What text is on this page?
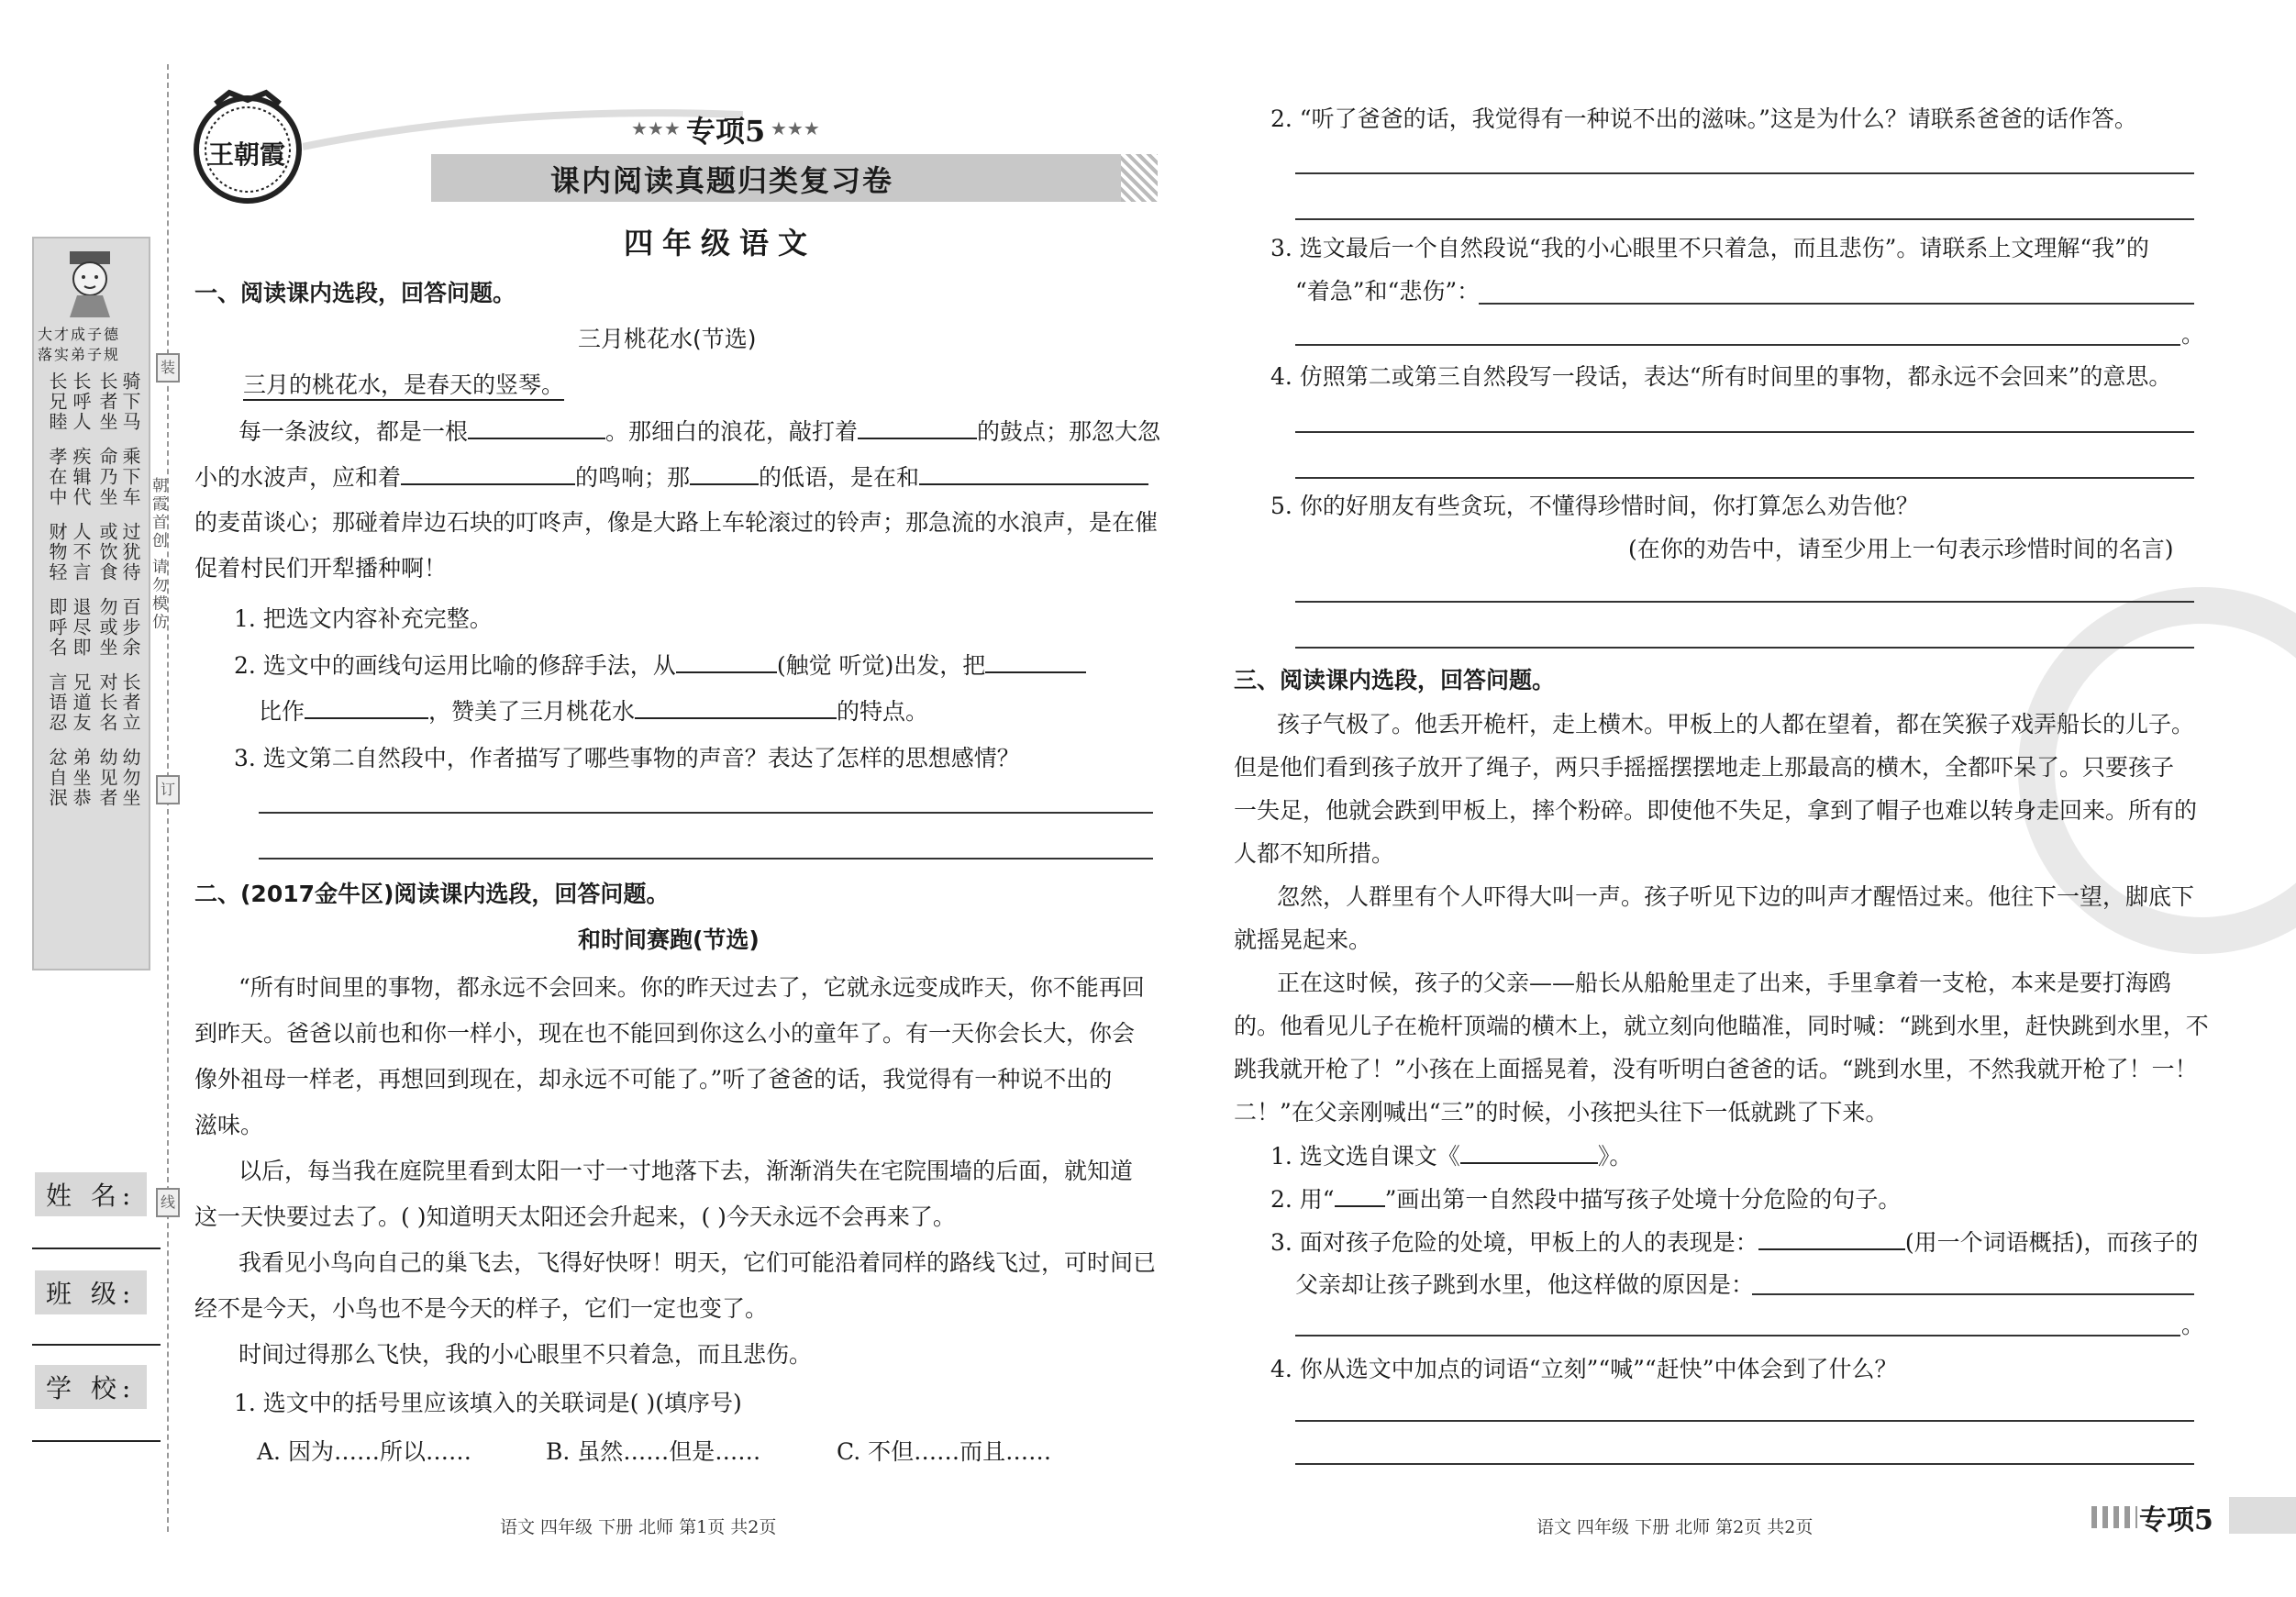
大才成子德
落实弟子规
骑下马
长者坐
长呼人
长兄睦
乘下车
命乃坐
疾辑代
孝在中
过犹待
或饮食
人不言
财物轻
百步余
勿或坐
退尽即
即呼名
长者立
对长名
兄道友
言语忍
幼勿坐
幼见者
弟坐恭
忿自泯
朝霞首创 请勿模仿
装
订
线
姓 名:
班 级:
学 校:
王朝霞
★★★ 专项5 ★★★
课内阅读真题归类复习卷
四年级语文
一、阅读课内选段，回答问题。
三月桃花水(节选)
三月的桃花水，是春天的竖琴。
每一条波纹，都是一根	。那细白的浪花，敲打着	的鼓点；那忽大忽
小的水波声，应和着	的鸣响；那	的低语，是在和
的麦苗谈心；那碰着岸边石块的叮咚声，像是大路上车轮滚过的铃声；那急流的水浪声，是在催
促着村民们开犁播种啊！
1. 把选文内容补充完整。
2. 选文中的画线句运用比喻的修辞手法，从	(触觉 听觉)出发，把
比作	，赞美了三月桃花水	的特点。
3. 选文第二自然段中，作者描写了哪些事物的声音？表达了怎样的思想感情？
二、(2017金牛区)阅读课内选段，回答问题。
和时间赛跑(节选)
“所有时间里的事物，都永远不会回来。你的昨天过去了，它就永远变成昨天，你不能再回
到昨天。爸爸以前也和你一样小，现在也不能回到你这么小的童年了。有一天你会长大，你会
像外祖母一样老，再想回到现在，却永远不可能了。”听了爸爸的话，我觉得有一种说不出的
滋味。
以后，每当我在庭院里看到太阳一寸一寸地落下去，渐渐消失在宅院围墙的后面，就知道
这一天快要过去了。( )知道明天太阳还会升起来，( )今天永远不会再来了。
我看见小鸟向自己的巢飞去，飞得好快呀！明天，它们可能沿着同样的路线飞过，可时间已
经不是今天，小鸟也不是今天的样子，它们一定也变了。
时间过得那么飞快，我的小心眼里不只着急，而且悲伤。
1. 选文中的括号里应该填入的关联词是( )(填序号)
A. 因为……所以……	B. 虽然……但是……	C. 不但……而且……
语文 四年级 下册 北师 第1页 共2页
2. “听了爸爸的话，我觉得有一种说不出的滋味。”这是为什么？请联系爸爸的话作答。
3. 选文最后一个自然段说“我的小心眼里不只着急，而且悲伤”。请联系上文理解“我”的
“着急”和“悲伤”：
。
4. 仿照第二或第三自然段写一段话，表达“所有时间里的事物，都永远不会回来”的意思。
5. 你的好朋友有些贪玩，不懂得珍惜时间，你打算怎么劝告他？
(在你的劝告中，请至少用上一句表示珍惜时间的名言)
三、阅读课内选段，回答问题。
孩子气极了。他丢开桅杆，走上横木。甲板上的人都在望着，都在笑猴子戏弄船长的儿子。
但是他们看到孩子放开了绳子，两只手摇摇摆摆地走上那最高的横木，全都吓呆了。只要孩子
一失足，他就会跌到甲板上，摔个粉碎。即使他不失足，拿到了帽子也难以转身走回来。所有的
人都不知所措。
忽然，人群里有个人吓得大叫一声。孩子听见下边的叫声才醒悟过来。他往下一望，脚底下
就摇晃起来。
正在这时候，孩子的父亲——船长从船舱里走了出来，手里拿着一支枪，本来是要打海鸥
的。他看见儿子在桅杆顶端的横木上，就立刻向他瞄准，同时喊：“跳到水里，赶快跳到水里，不
跳我就开枪了！”小孩在上面摇晃着，没有听明白爸爸的话。“跳到水里，不然我就开枪了！一！
二！”在父亲刚喊出“三”的时候，小孩把头往下一低就跳了下来。
1. 选文选自课文《	》。
2. 用“ ”画出第一自然段中描写孩子处境十分危险的句子。
3. 面对孩子危险的处境，甲板上的人的表现是：	(用一个词语概括)，而孩子的
父亲却让孩子跳到水里，他这样做的原因是：
。
4. 你从选文中加点的词语“立刻”“喊”“赶快”中体会到了什么？
语文 四年级 下册 北师 第2页 共2页	专项5
